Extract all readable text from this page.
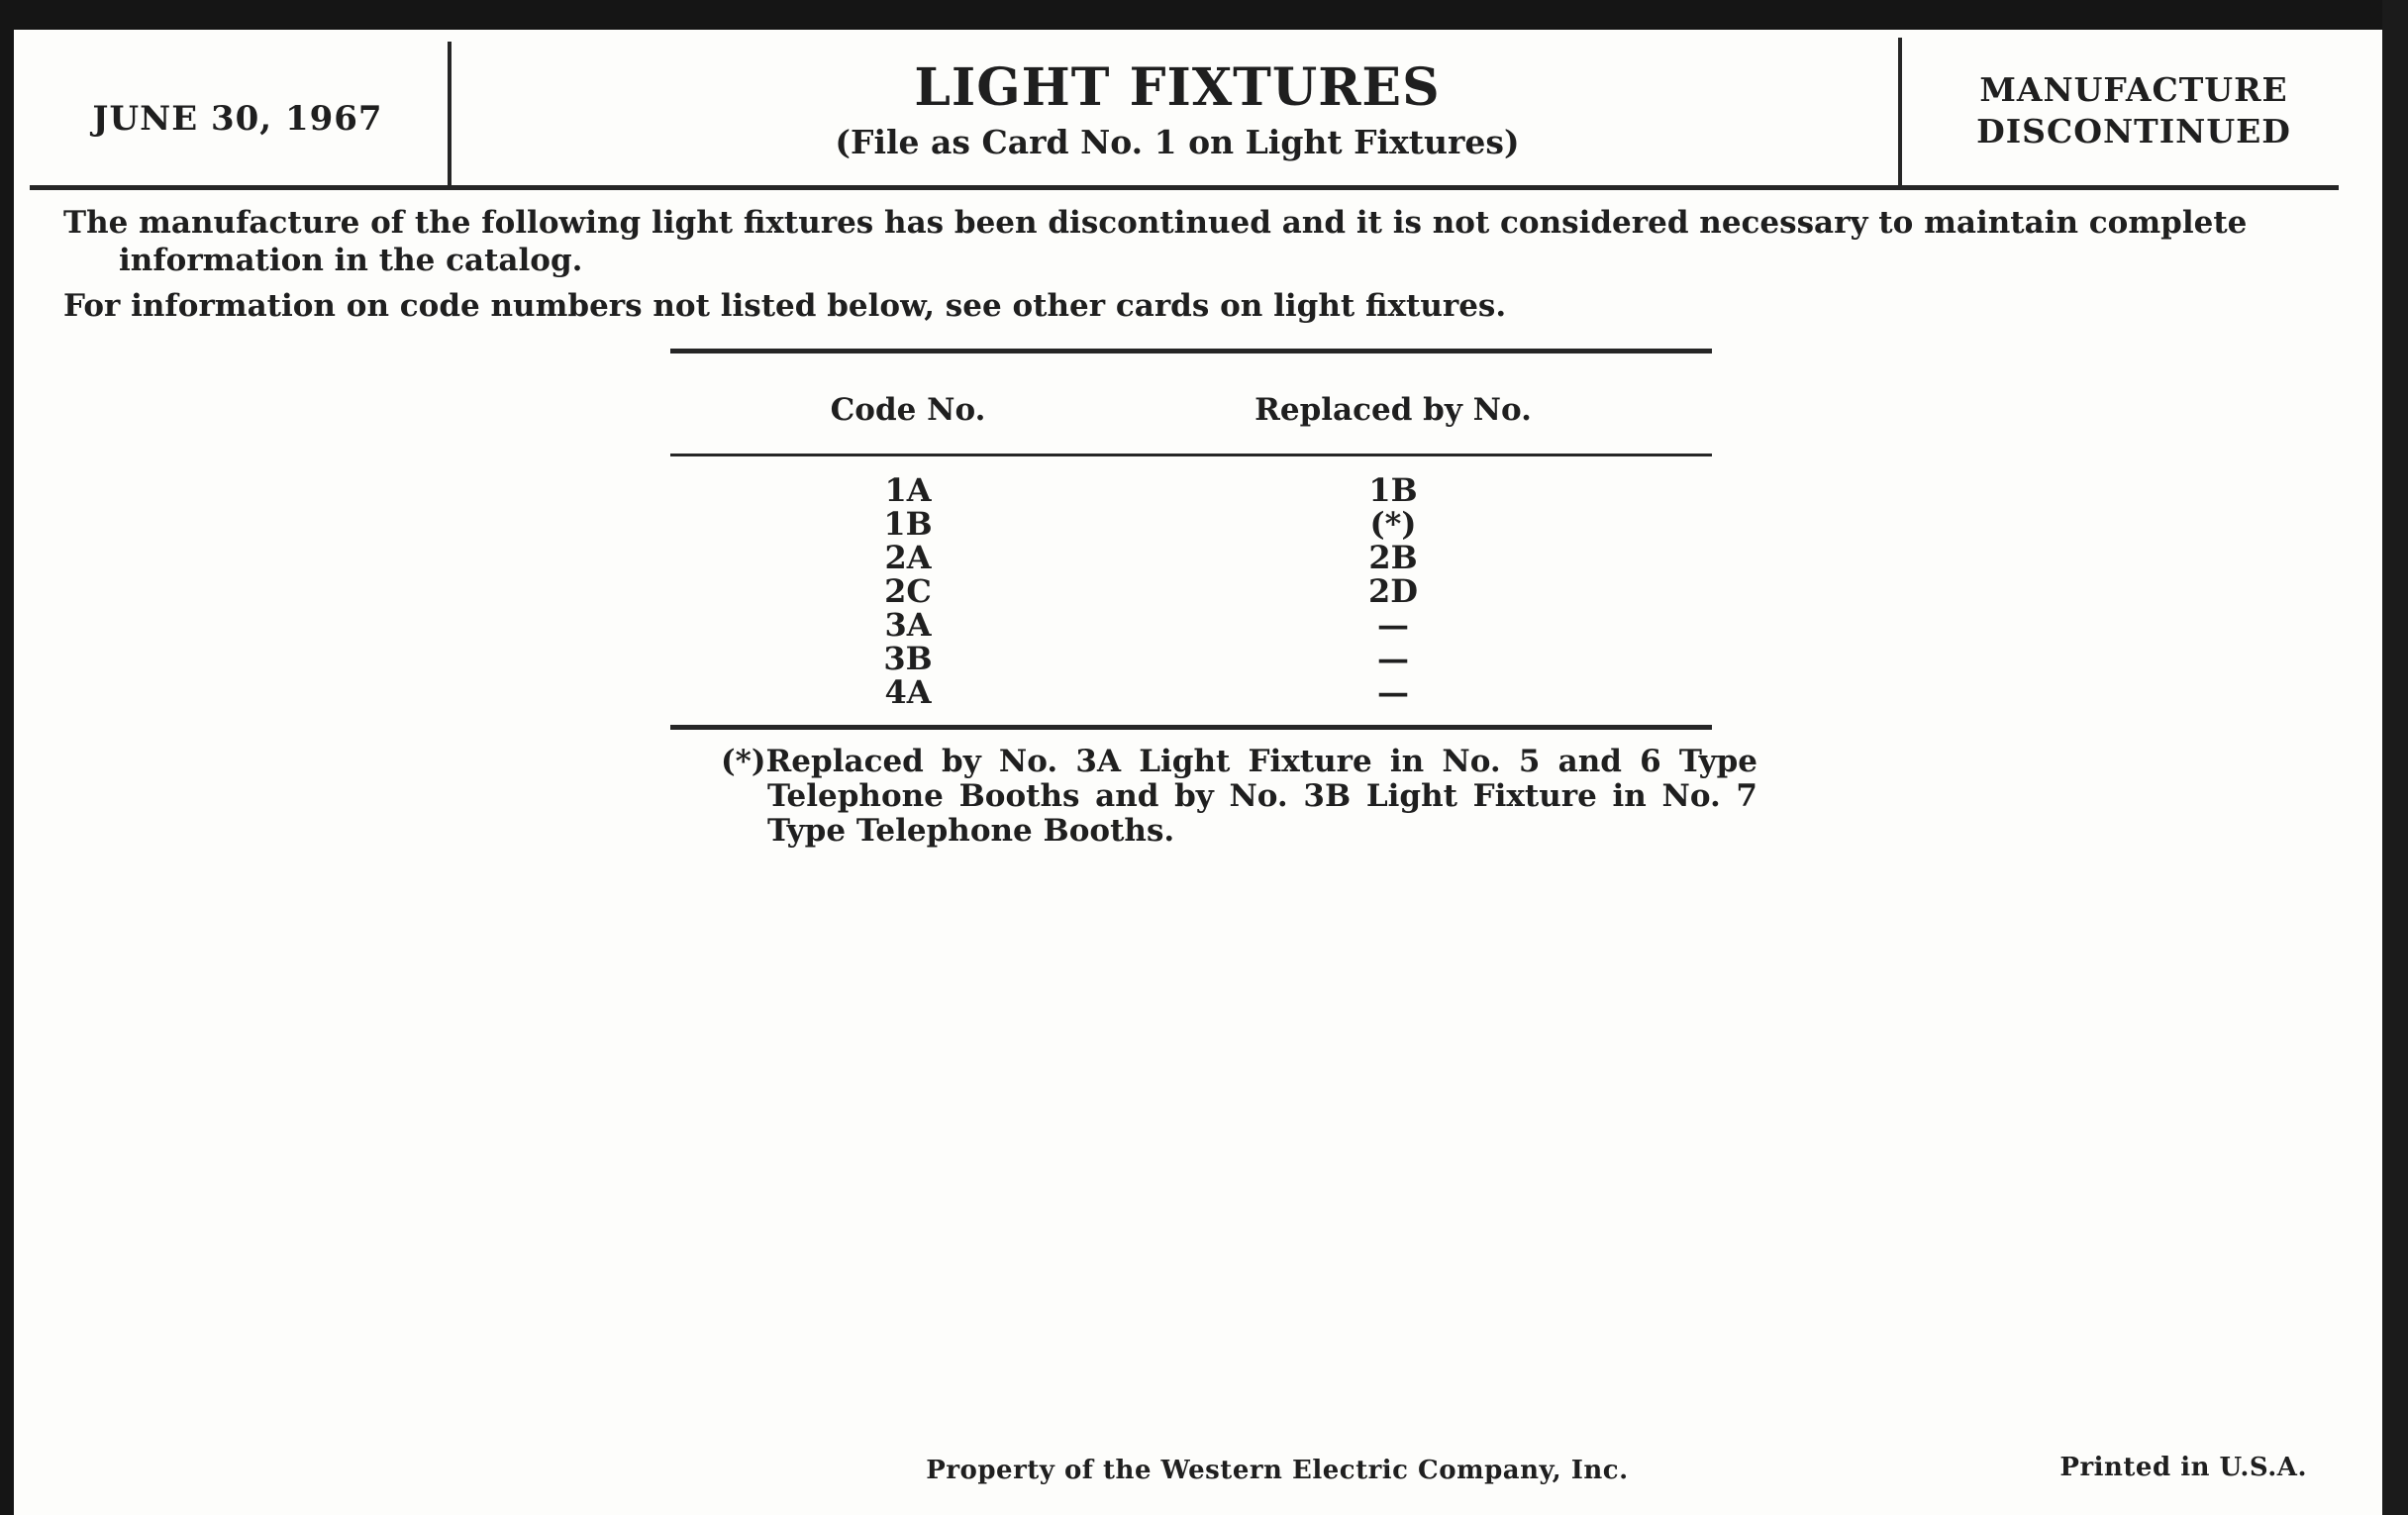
JUNE 30, 1967
LIGHT FIXTURES
(File as Card No. 1 on Light Fixtures)
MANUFACTURE
DISCONTINUED
The manufacture of the following light fixtures has been discontinued and it is not considered necessary to maintain complete information in the catalog.
For information on code numbers not listed below, see other cards on light fixtures.
Code No.	Replaced by No.
1A	1B
1B	(*)
2A	2B
2C	2D
3A	—
3B	—
4A	—
(*)Replaced by No. 3A Light Fixture in No. 5 and 6 Type Telephone Booths and by No. 3B Light Fixture in No. 7 Type Telephone Booths.
Property of the Western Electric Company, Inc.	Printed in U.S.A.
